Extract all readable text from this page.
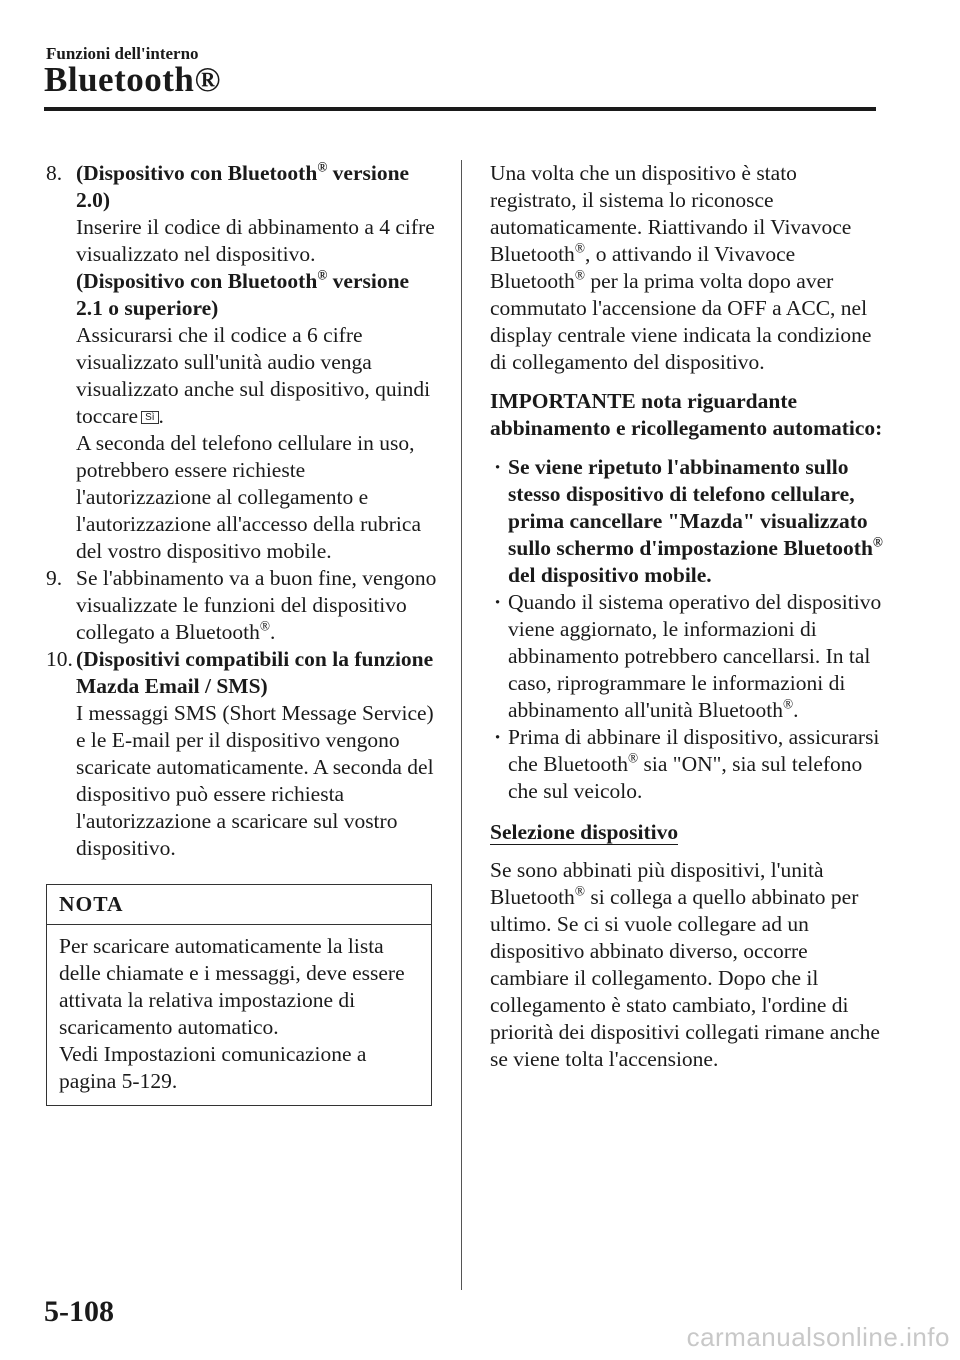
Funzioni dell'interno
Bluetooth®
8. (Dispositivo con Bluetooth® versione 2.0)
Inserire il codice di abbinamento a 4 cifre visualizzato nel dispositivo.
(Dispositivo con Bluetooth® versione 2.1 o superiore)
Assicurarsi che il codice a 6 cifre visualizzato sull'unità audio venga visualizzato anche sul dispositivo, quindi toccare Sì .
A seconda del telefono cellulare in uso, potrebbero essere richieste l'autorizzazione al collegamento e l'autorizzazione all'accesso della rubrica del vostro dispositivo mobile.
9. Se l'abbinamento va a buon fine, vengono visualizzate le funzioni del dispositivo collegato a Bluetooth®.
10. (Dispositivi compatibili con la funzione Mazda Email / SMS)
I messaggi SMS (Short Message Service) e le E-mail per il dispositivo vengono scaricate automaticamente. A seconda del dispositivo può essere richiesta l'autorizzazione a scaricare sul vostro dispositivo.
NOTA
Per scaricare automaticamente la lista delle chiamate e i messaggi, deve essere attivata la relativa impostazione di scaricamento automatico.
Vedi Impostazioni comunicazione a pagina 5-129.

Una volta che un dispositivo è stato registrato, il sistema lo riconosce automaticamente. Riattivando il Vivavoce Bluetooth®, o attivando il Vivavoce Bluetooth® per la prima volta dopo aver commutato l'accensione da OFF a ACC, nel display centrale viene indicata la condizione di collegamento del dispositivo.

IMPORTANTE nota riguardante abbinamento e ricollegamento automatico:

· Se viene ripetuto l'abbinamento sullo stesso dispositivo di telefono cellulare, prima cancellare "Mazda" visualizzato sullo schermo d'impostazione Bluetooth® del dispositivo mobile.
· Quando il sistema operativo del dispositivo viene aggiornato, le informazioni di abbinamento potrebbero cancellarsi. In tal caso, riprogrammare le informazioni di abbinamento all'unità Bluetooth®.
· Prima di abbinare il dispositivo, assicurarsi che Bluetooth® sia "ON", sia sul telefono che sul veicolo.
Selezione dispositivo

Se sono abbinati più dispositivi, l'unità Bluetooth® si collega a quello abbinato per ultimo. Se ci si vuole collegare ad un dispositivo abbinato diverso, occorre cambiare il collegamento. Dopo che il collegamento è stato cambiato, l'ordine di priorità dei dispositivi collegati rimane anche se viene tolta l'accensione.

5-108
carmanualsonline.info
